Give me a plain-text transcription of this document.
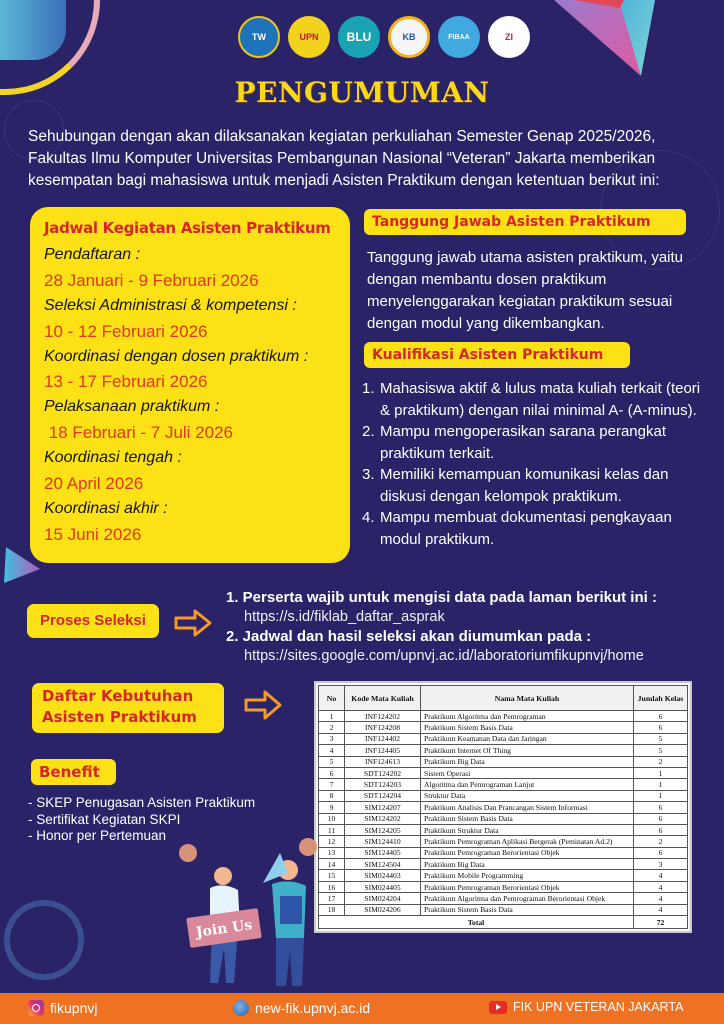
TW	UPN	BLU	KB	FIBAA	ZI
PENGUMUMAN

Sehubungan dengan akan dilaksanakan kegiatan perkuliahan Semester Genap 2025/2026, Fakultas Ilmu Komputer Universitas Pembangunan Nasional “Veteran” Jakarta memberikan kesempatan bagi mahasiswa untuk menjadi Asisten Praktikum dengan ketentuan berikut ini:

Jadwal Kegiatan Asisten Praktikum
Pendaftaran :
28 Januari - 9 Februari 2026
Seleksi Administrasi & kompetensi :
10 - 12 Februari 2026
Koordinasi dengan dosen praktikum :
13 - 17 Februari 2026
Pelaksanaan praktikum :
18 Februari - 7 Juli 2026
Koordinasi tengah :
20 April 2026
Koordinasi akhir :
15 Juni 2026
Tanggung Jawab Asisten Praktikum

Tanggung jawab utama asisten praktikum, yaitu dengan membantu dosen praktikum menyelenggarakan kegiatan praktikum sesuai dengan modul yang dikembangkan.

Kualifikasi Asisten Praktikum
1. Mahasiswa aktif & lulus mata kuliah terkait (teori & praktikum) dengan nilai minimal A- (A-minus).
2. Mampu mengoperasikan sarana perangkat praktikum terkait.
3. Memiliki kemampuan komunikasi kelas dan diskusi dengan kelompok praktikum.
4. Mampu membuat dokumentasi pengkayaan modul praktikum.
Proses Seleksi
1. Perserta wajib untuk mengisi data pada laman berikut ini :
https://s.id/fiklab_daftar_asprak
2. Jadwal dan hasil seleksi akan diumumkan pada :
https://sites.google.com/upnvj.ac.id/laboratoriumfikupnvj/home
Daftar Kebutuhan
Asisten Praktikum
No	Kode Mata Kuliah	Nama Mata Kuliah	Jumlah Kelas
1	INF124202	Praktikum Algoritma dan Pemrograman	6
2	INF124208	Praktikum Sistem Basis Data	6
3	INF124402	Praktikum Keamanan Data dan Jaringan	5
4	INF124405	Praktikum Internet Of Thing	5
5	INF124613	Praktikum Big Data	2
6	SDT124202	Sistem Operasi	1
7	SDT124203	Algoritma dan Pemrograman Lanjut	1
8	SDT124204	Struktur Data	1
9	SIM124207	Praktikum Analisis Dan Prancangan Sistem Informasi	6
10	SIM124202	Praktikum Sistem Basis Data	6
11	SIM124205	Praktikum Struktur Data	6
12	SIM124410	Praktikum Pemrograman Aplikasi Bergerak (Peminatan Ad.2)	2
13	SIM124405	Praktikum Pemrograman Berorientasi Objek	6
14	SIM124504	Praktikum Big Data	3
15	SIM024403	Praktikum Mobile Programming	4
16	SIM024405	Praktikum Pemrograman Berorientasi Objek	4
17	SIM024204	Praktikum Algoritma dan Pemrograman Berorientasi Objek	4
18	SIM024206	Praktikum Sistem Basis Data	4
Total			72
Benefit
- SKEP Penugasan Asisten Praktikum
- Sertifikat Kegiatan SKPI
- Honor per Pertemuan
Join Us
fikupnvj	new-fik.upnvj.ac.id	FIK UPN VETERAN JAKARTA
